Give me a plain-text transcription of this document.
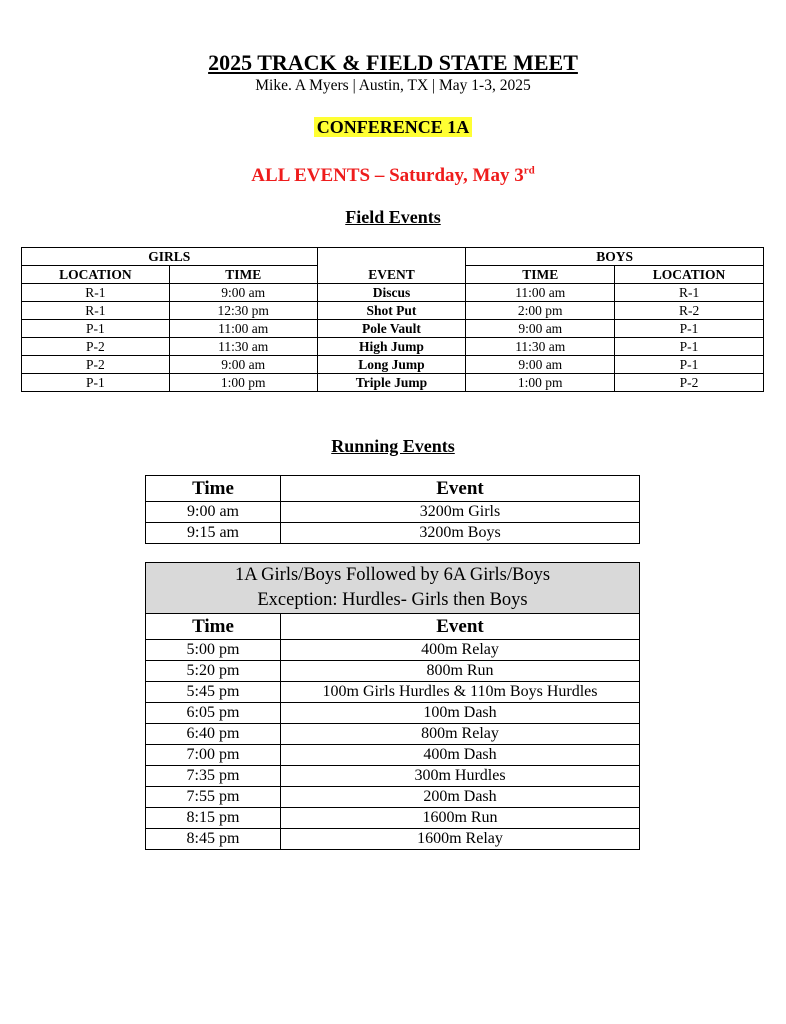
2025 TRACK & FIELD STATE MEET
Mike. A Myers | Austin, TX | May 1-3, 2025
CONFERENCE 1A
ALL EVENTS – Saturday, May 3rd
Field Events
GIRLS			BOYS	
LOCATION	TIME	EVENT	TIME	LOCATION
R-1	9:00 am	Discus	11:00 am	R-1
R-1	12:30 pm	Shot Put	2:00 pm	R-2
P-1	11:00 am	Pole Vault	9:00 am	P-1
P-2	11:30 am	High Jump	11:30 am	P-1
P-2	9:00 am	Long Jump	9:00 am	P-1
P-1	1:00 pm	Triple Jump	1:00 pm	P-2
Running Events
Time	Event
9:00 am	3200m Girls
9:15 am	3200m Boys
1A Girls/Boys Followed by 6A Girls/Boys
Exception: Hurdles- Girls then Boys	

Time	Event
5:00 pm	400m Relay
5:20 pm	800m Run
5:45 pm	100m Girls Hurdles & 110m Boys Hurdles
6:05 pm	100m Dash
6:40 pm	800m Relay
7:00 pm	400m Dash
7:35 pm	300m Hurdles
7:55 pm	200m Dash
8:15 pm	1600m Run
8:45 pm	1600m Relay
